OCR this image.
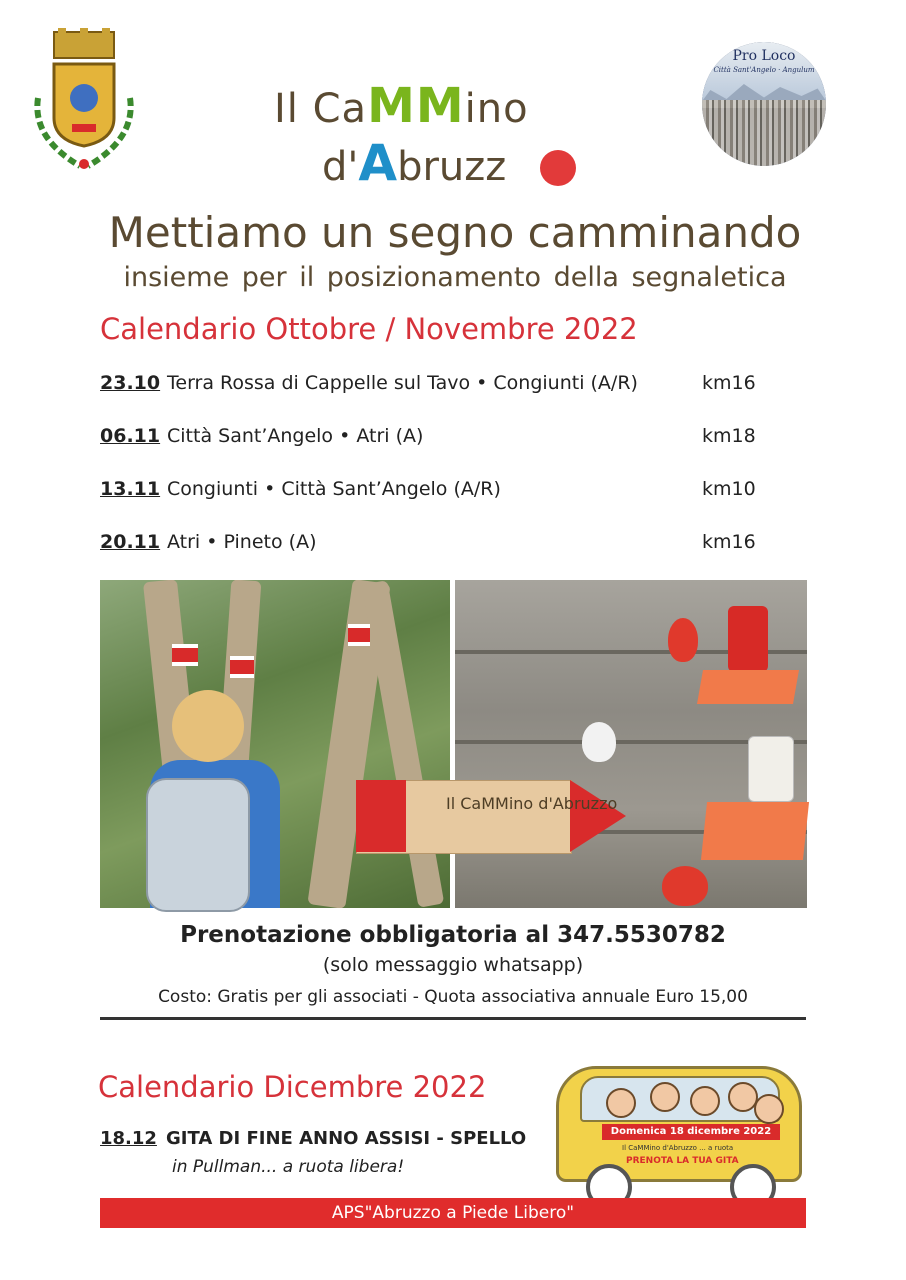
Il CaMMino
d'Abruzz
Pro Loco
Città Sant'Angelo · Angulum
Mettiamo un segno camminando
insieme per il posizionamento della segnaletica
Calendario Ottobre / Novembre 2022
23.10 Terra Rossa di Cappelle sul Tavo • Congiunti (A/R)	km16
06.11 Città Sant’Angelo • Atri (A)	km18
13.11 Congiunti • Città Sant’Angelo (A/R)	km10
20.11 Atri • Pineto (A)	km16
Il CaMMino d'Abruzzo
Prenotazione obbligatoria al 347.5530782
(solo messaggio whatsapp)
Costo: Gratis per gli associati - Quota associativa annuale Euro 15,00
Calendario Dicembre 2022
18.12 GITA DI FINE ANNO ASSISI - SPELLO
in Pullman... a ruota libera!
Domenica 18 dicembre 2022
Il CaMMino d'Abruzzo ... a ruota
PRENOTA LA TUA GITA
APS"Abruzzo a Piede Libero"
